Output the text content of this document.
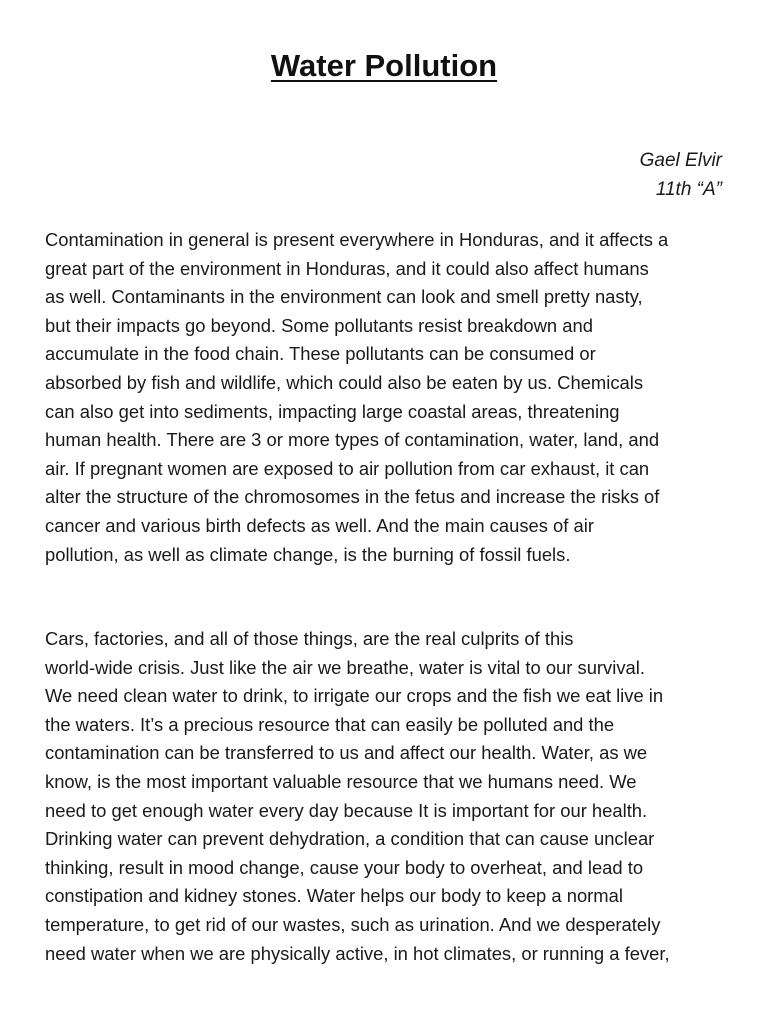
Water Pollution
Gael Elvir
11th “A”

Contamination in general is present everywhere in Honduras, and it affects a
great part of the environment in Honduras, and it could also affect humans
as well. Contaminants in the environment can look and smell pretty nasty,
but their impacts go beyond. Some pollutants resist breakdown and
accumulate in the food chain. These pollutants can be consumed or
absorbed by fish and wildlife, which could also be eaten by us. Chemicals
can also get into sediments, impacting large coastal areas, threatening
human health. There are 3 or more types of contamination, water, land, and
air. If pregnant women are exposed to air pollution from car exhaust, it can
alter the structure of the chromosomes in the fetus and increase the risks of
cancer and various birth defects as well. And the main causes of air
pollution, as well as climate change, is the burning of fossil fuels.

Cars, factories, and all of those things, are the real culprits of this
world-wide crisis. Just like the air we breathe, water is vital to our survival.
We need clean water to drink, to irrigate our crops and the fish we eat live in
the waters. It’s a precious resource that can easily be polluted and the
contamination can be transferred to us and affect our health. Water, as we
know, is the most important valuable resource that we humans need. We
need to get enough water every day because It is important for our health.
Drinking water can prevent dehydration, a condition that can cause unclear
thinking, result in mood change, cause your body to overheat, and lead to
constipation and kidney stones. Water helps our body to keep a normal
temperature, to get rid of our wastes, such as urination. And we desperately
need water when we are physically active, in hot climates, or running a fever,
